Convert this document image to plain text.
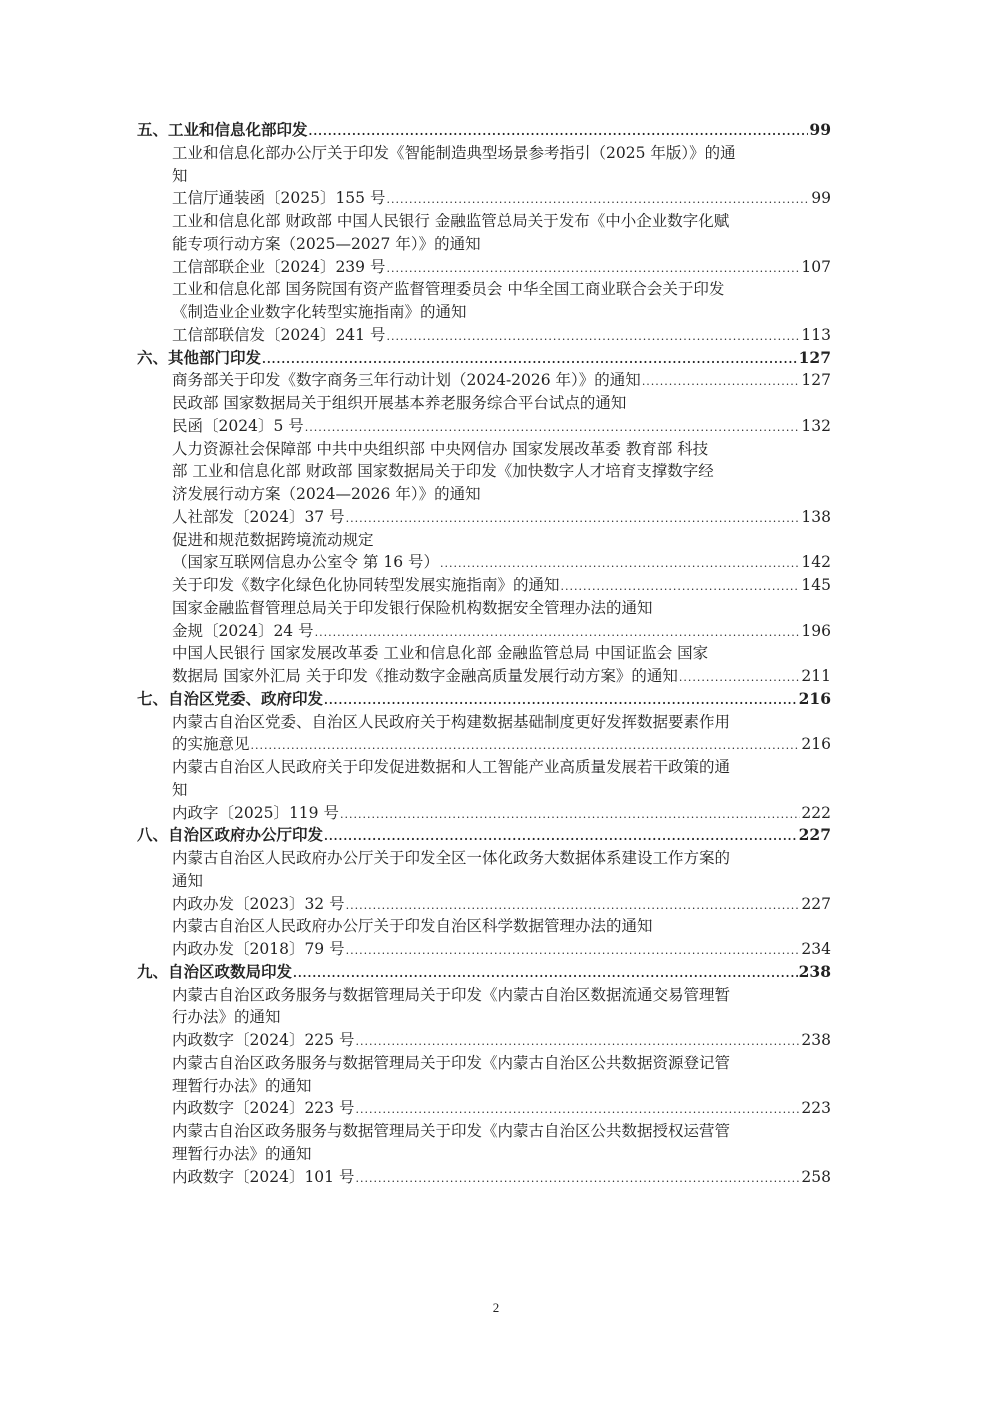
五、工业和信息化部印发 .....	99
工业和信息化部办公厅关于印发《智能制造典型场景参考指引（2025 年版）》的通
知
工信厅通装函〔2025〕155 号 .....	99
工业和信息化部 财政部 中国人民银行 金融监管总局关于发布《中小企业数字化赋
能专项行动方案（2025—2027 年）》的通知
工信部联企业〔2024〕239 号 .....	107
工业和信息化部 国务院国有资产监督管理委员会 中华全国工商业联合会关于印发
《制造业企业数字化转型实施指南》的通知
工信部联信发〔2024〕241 号 .....	113
六、其他部门印发 .....	127
商务部关于印发《数字商务三年行动计划（2024-2026 年）》的通知 .....	127
民政部 国家数据局关于组织开展基本养老服务综合平台试点的通知
民函〔2024〕5 号 .....	132
人力资源社会保障部 中共中央组织部 中央网信办 国家发展改革委 教育部 科技
部 工业和信息化部 财政部 国家数据局关于印发《加快数字人才培育支撑数字经
济发展行动方案（2024—2026 年）》的通知
人社部发〔2024〕37 号 .....	138
促进和规范数据跨境流动规定
（国家互联网信息办公室令 第 16 号） .....	142
关于印发《数字化绿色化协同转型发展实施指南》的通知 .....	145
国家金融监督管理总局关于印发银行保险机构数据安全管理办法的通知
金规〔2024〕24 号 .....	196
中国人民银行 国家发展改革委 工业和信息化部 金融监管总局 中国证监会 国家
数据局 国家外汇局 关于印发《推动数字金融高质量发展行动方案》的通知 .....	211
七、自治区党委、政府印发 .....	216
内蒙古自治区党委、自治区人民政府关于构建数据基础制度更好发挥数据要素作用
的实施意见 .....	216
内蒙古自治区人民政府关于印发促进数据和人工智能产业高质量发展若干政策的通
知
内政字〔2025〕119 号 .....	222
八、自治区政府办公厅印发 .....	227
内蒙古自治区人民政府办公厅关于印发全区一体化政务大数据体系建设工作方案的
通知
内政办发〔2023〕32 号 .....	227
内蒙古自治区人民政府办公厅关于印发自治区科学数据管理办法的通知
内政办发〔2018〕79 号 .....	234
九、自治区政数局印发 .....	238
内蒙古自治区政务服务与数据管理局关于印发《内蒙古自治区数据流通交易管理暂
行办法》的通知
内政数字〔2024〕225 号 .....	238
内蒙古自治区政务服务与数据管理局关于印发《内蒙古自治区公共数据资源登记管
理暂行办法》的通知
内政数字〔2024〕223 号 .....	223
内蒙古自治区政务服务与数据管理局关于印发《内蒙古自治区公共数据授权运营管
理暂行办法》的通知
内政数字〔2024〕101 号 .....	258
2
